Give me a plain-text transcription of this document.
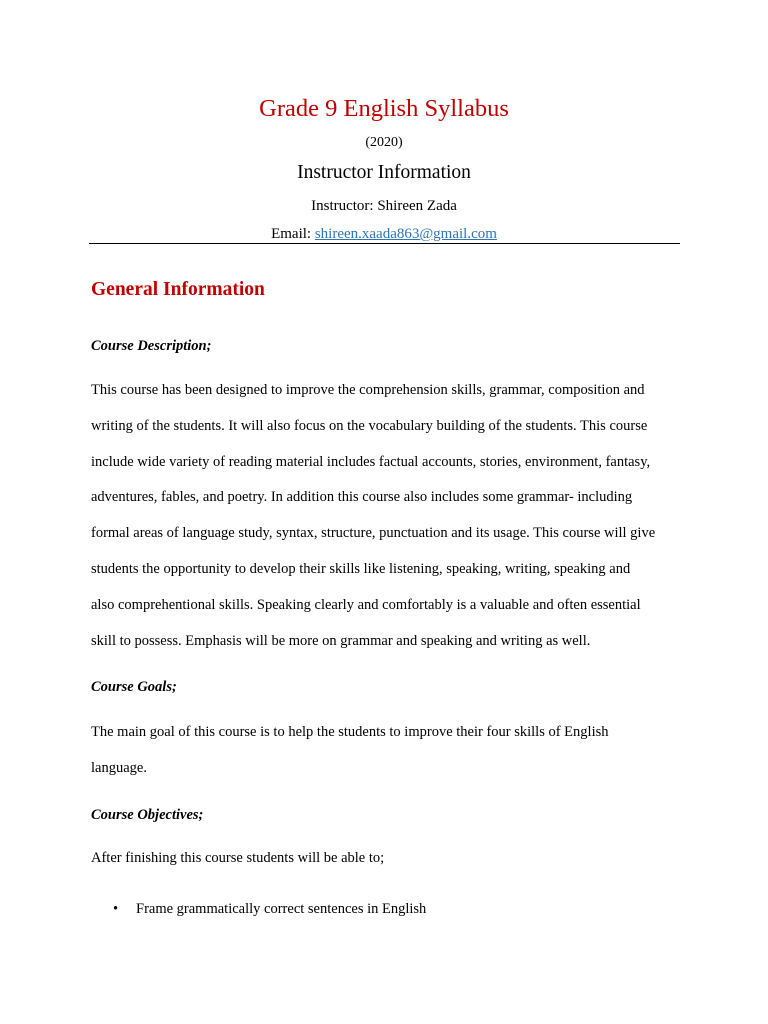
Grade 9 English Syllabus
(2020)
Instructor Information
Instructor: Shireen Zada
Email: shireen.xaada863@gmail.com
General Information
Course Description;
This course has been designed to improve the comprehension skills, grammar, composition and
writing of the students. It will also focus on the vocabulary building of the students. This course
include wide variety of reading material includes factual accounts, stories, environment, fantasy,
adventures, fables, and poetry. In addition this course also includes some grammar- including
formal areas of language study, syntax, structure, punctuation and its usage. This course will give
students the opportunity to develop their skills like listening, speaking, writing, speaking and
also comprehentional skills. Speaking clearly and comfortably is a valuable and often essential
skill to possess. Emphasis will be more on grammar and speaking and writing as well.
Course Goals;
The main goal of this course is to help the students to improve their four skills of English
language.
Course Objectives;
After finishing this course students will be able to;
• Frame grammatically correct sentences in English
